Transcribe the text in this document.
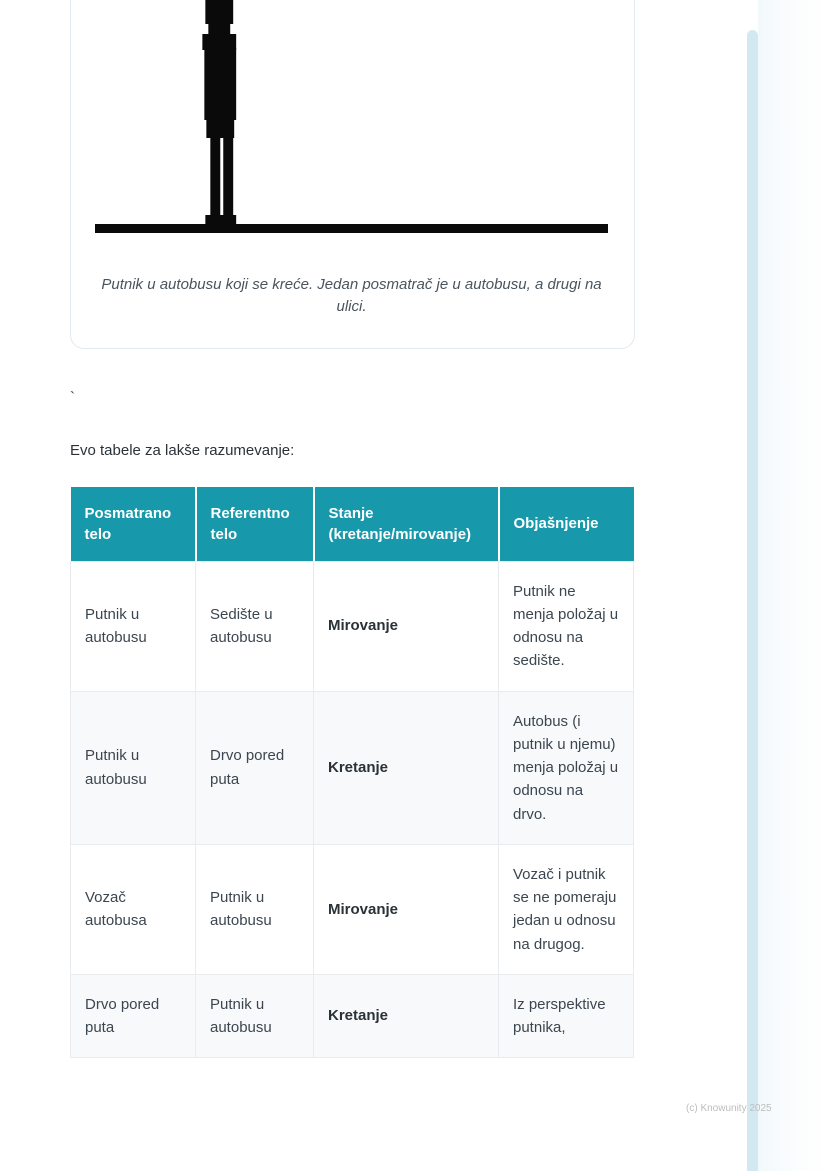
Putnik u autobusu koji se kreće. Jedan posmatrač je u autobusu, a drugi na ulici.

`

Evo tabele za lakše razumevanje:

Posmatrano telo	Referentno telo	Stanje (kretanje/mirovanje)	Objašnjenje
Putnik u autobusu	Sedište u autobusu	Mirovanje	Putnik ne menja položaj u odnosu na sedište.
Putnik u autobusu	Drvo pored puta	Kretanje	Autobus (i putnik u njemu) menja položaj u odnosu na drvo.
Vozač autobusa	Putnik u autobusu	Mirovanje	Vozač i putnik se ne pomeraju jedan u odnosu na drugog.
Drvo pored puta	Putnik u autobusu	Kretanje	Iz perspektive putnika,
(c) Knowunity 2025
